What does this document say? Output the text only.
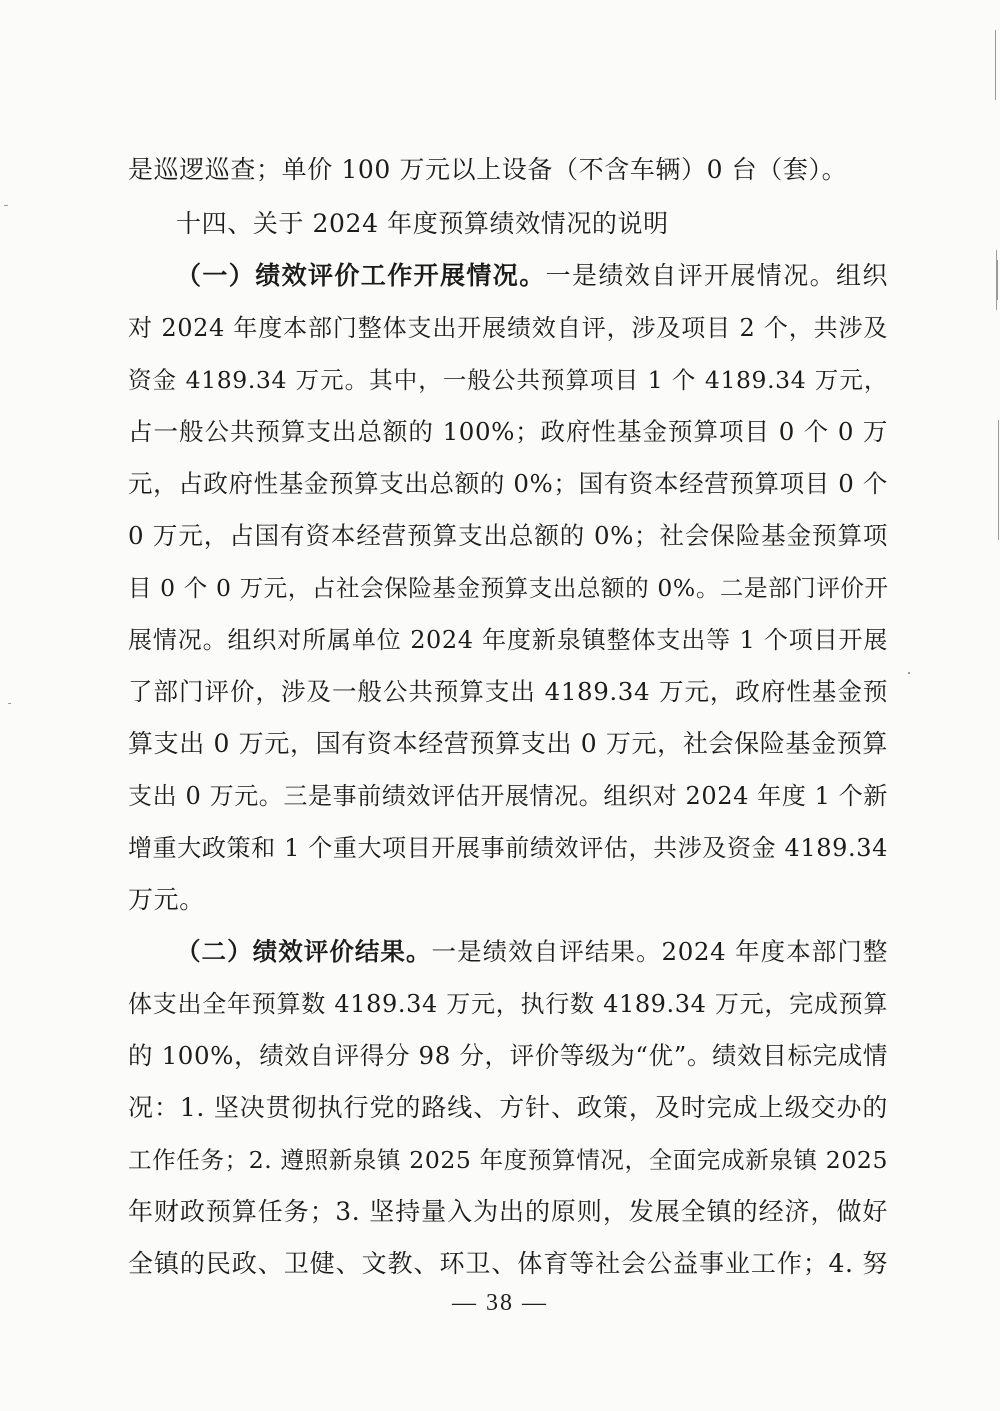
是巡逻巡查；单价 100 万元以上设备（不含车辆）0 台（套）。
十四、关于 2024 年度预算绩效情况的说明
（一）绩效评价工作开展情况。一是绩效自评开展情况。组织
对 2024 年度本部门整体支出开展绩效自评，涉及项目 2 个，共涉及
资金 4189.34 万元。其中，一般公共预算项目 1 个 4189.34 万元，
占一般公共预算支出总额的 100%；政府性基金预算项目 0 个 0 万
元，占政府性基金预算支出总额的 0%；国有资本经营预算项目 0 个
0 万元，占国有资本经营预算支出总额的 0%；社会保险基金预算项
目 0 个 0 万元，占社会保险基金预算支出总额的 0%。二是部门评价开
展情况。组织对所属单位 2024 年度新泉镇整体支出等 1 个项目开展
了部门评价，涉及一般公共预算支出 4189.34 万元，政府性基金预
算支出 0 万元，国有资本经营预算支出 0 万元，社会保险基金预算
支出 0 万元。三是事前绩效评估开展情况。组织对 2024 年度 1 个新
增重大政策和 1 个重大项目开展事前绩效评估，共涉及资金 4189.34
万元。
（二）绩效评价结果。一是绩效自评结果。2024 年度本部门整
体支出全年预算数 4189.34 万元，执行数 4189.34 万元，完成预算
的 100%，绩效自评得分 98 分，评价等级为“优”。绩效目标完成情
况：1. 坚决贯彻执行党的路线、方针、政策，及时完成上级交办的
工作任务；2. 遵照新泉镇 2025 年度预算情况，全面完成新泉镇 2025
年财政预算任务；3. 坚持量入为出的原则，发展全镇的经济，做好
全镇的民政、卫健、文教、环卫、体育等社会公益事业工作；4. 努
— 38 —
